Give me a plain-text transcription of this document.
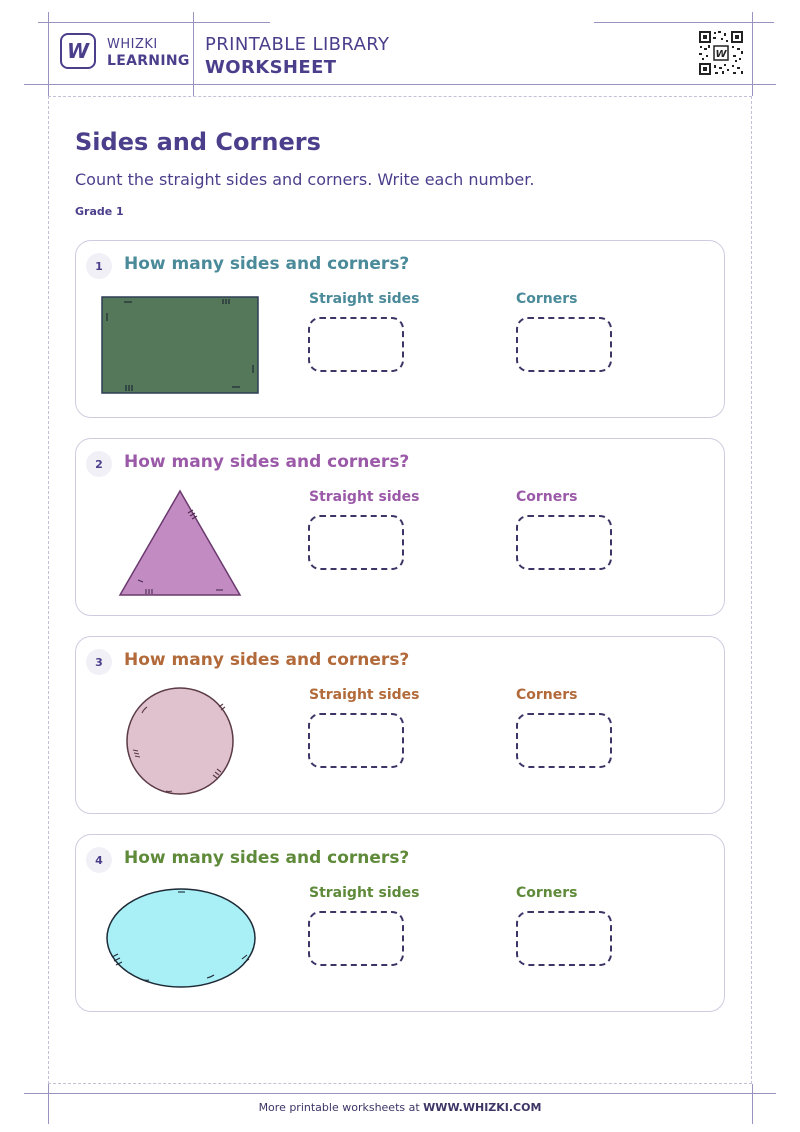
W WHIZKI
LEARNING
PRINTABLE LIBRARY
WORKSHEET
W
Sides and Corners
Count the straight sides and corners. Write each number.
Grade 1
1	How many sides and corners?
Straight sides	Corners
2	How many sides and corners?
Straight sides	Corners
3	How many sides and corners?
Straight sides	Corners
4	How many sides and corners?
Straight sides	Corners
More printable worksheets at WWW.WHIZKI.COM
